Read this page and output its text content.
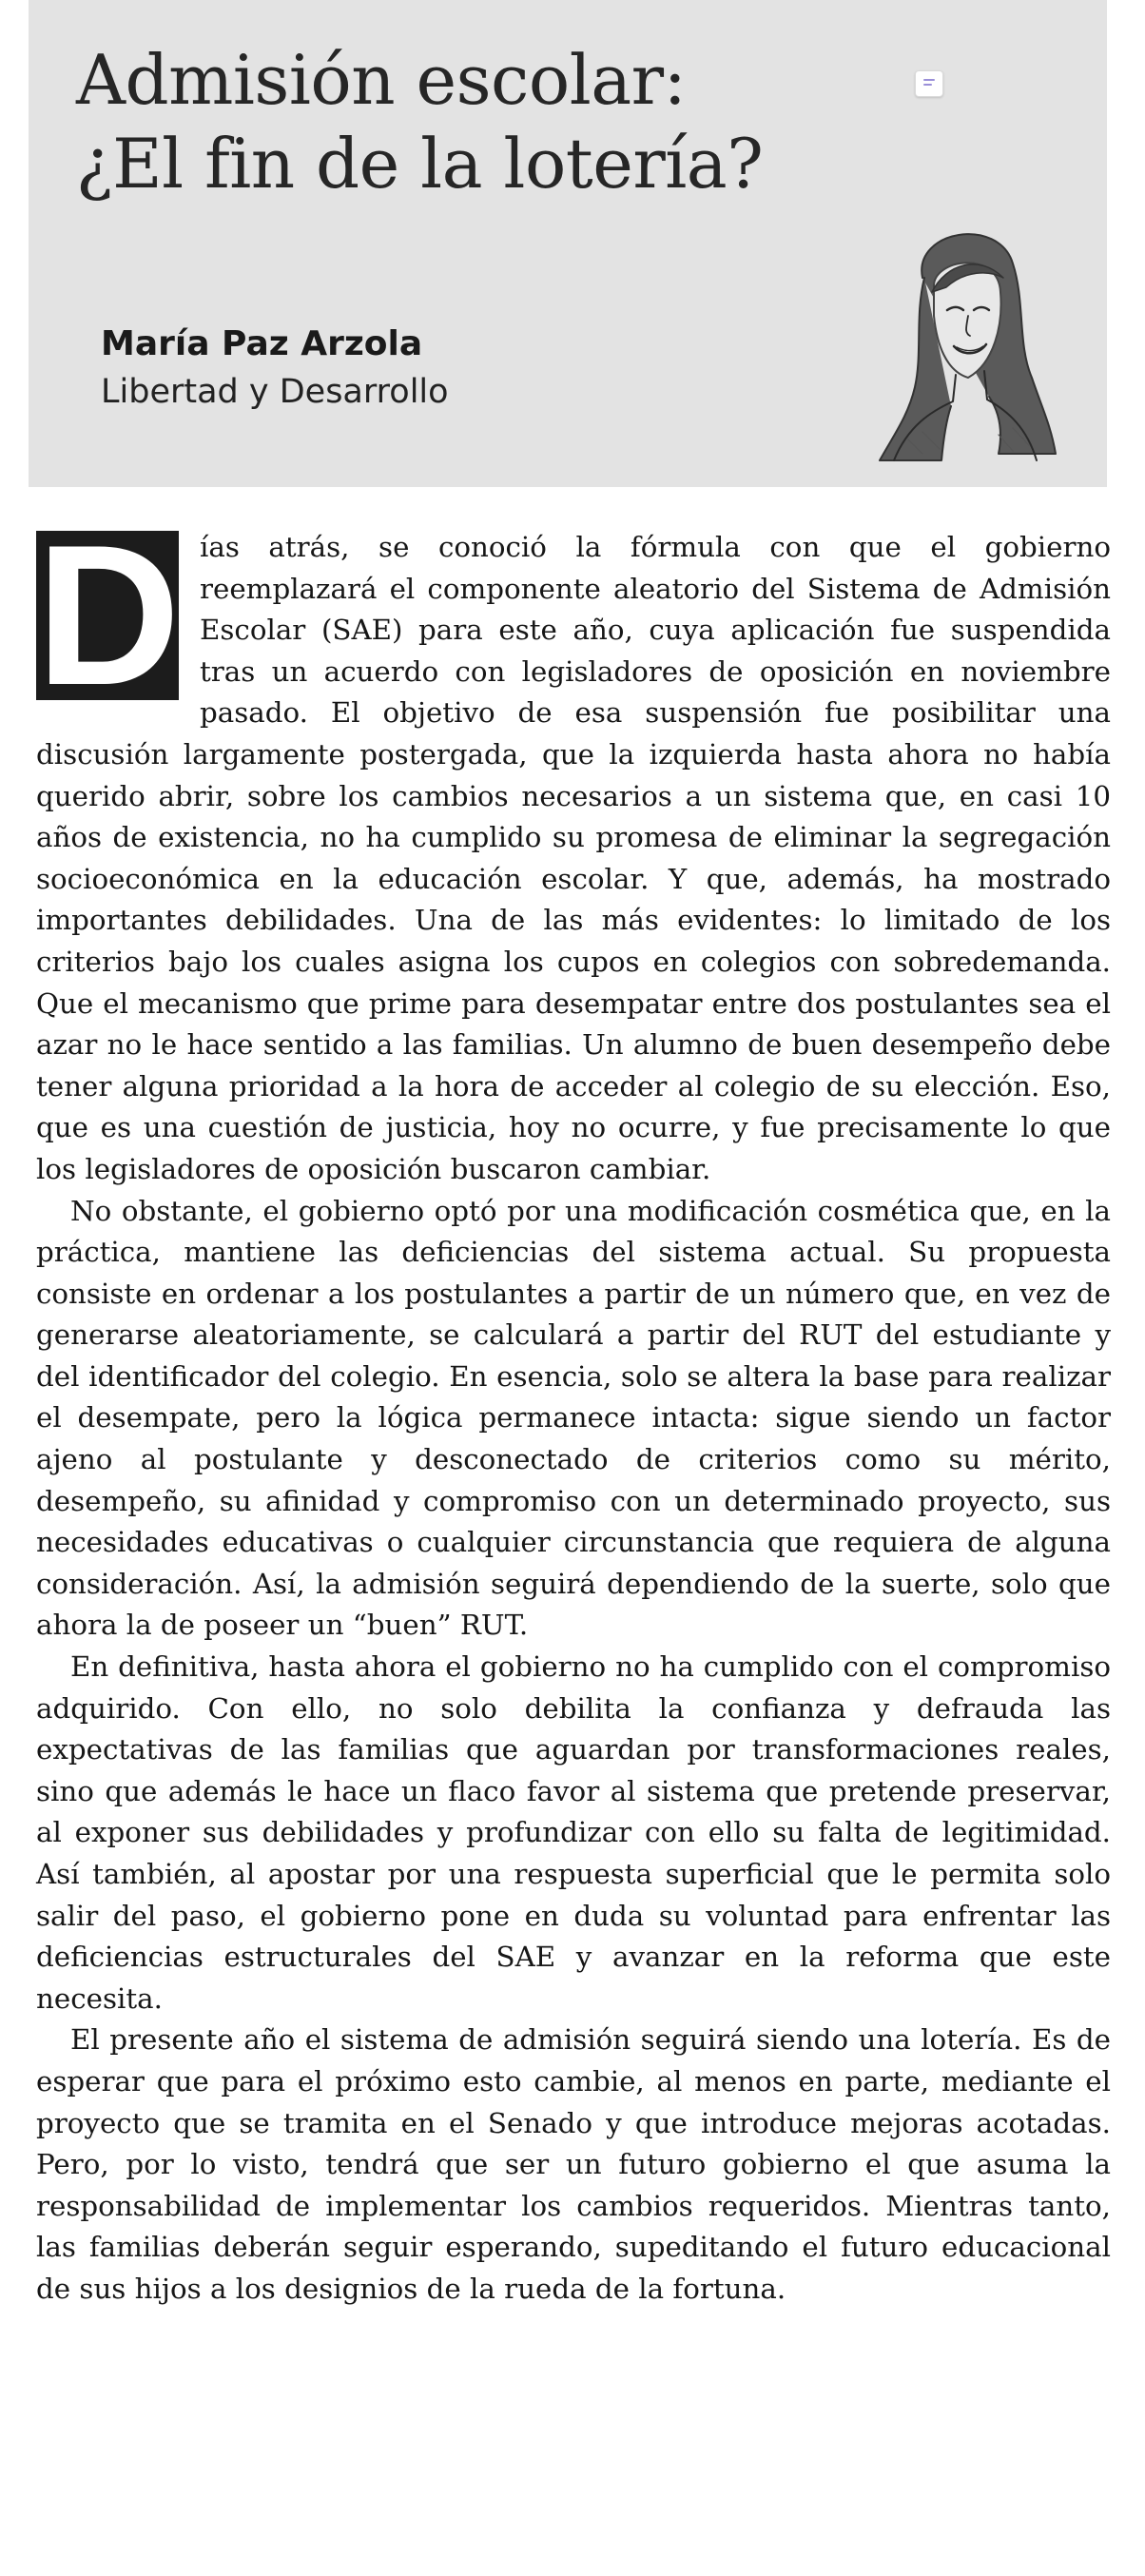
Admisión escolar:
¿El fin de la lotería?
María Paz Arzola
Libertad y Desarrollo

D ías atrás, se conoció la fórmula con que el gobierno reemplazará el componente aleatorio del Sistema de Admisión Escolar (SAE) para este año, cuya aplicación fue suspendida tras un acuerdo con legisladores de oposición en noviembre pasado. El objetivo de esa suspensión fue posibilitar una discusión largamente postergada, que la izquierda hasta ahora no había querido abrir, sobre los cambios necesarios a un sistema que, en casi 10 años de existencia, no ha cumplido su promesa de eliminar la segregación socioeconómica en la educación escolar. Y que, además, ha mostrado importantes debilidades. Una de las más evidentes: lo limitado de los criterios bajo los cuales asigna los cupos en colegios con sobredemanda. Que el mecanismo que prime para desempatar entre dos postulantes sea el azar no le hace sentido a las familias. Un alumno de buen desempeño debe tener alguna prioridad a la hora de acceder al colegio de su elección. Eso, que es una cuestión de justicia, hoy no ocurre, y fue precisamente lo que los legisladores de oposición buscaron cambiar.

No obstante, el gobierno optó por una modificación cosmética que, en la práctica, mantiene las deficiencias del sistema actual. Su propuesta consiste en ordenar a los postulantes a partir de un número que, en vez de generarse aleatoriamente, se calculará a partir del RUT del estudiante y del identificador del colegio. En esencia, solo se altera la base para realizar el desempate, pero la lógica permanece intacta: sigue siendo un factor ajeno al postulante y desconectado de criterios como su mérito, desempeño, su afinidad y compromiso con un determinado proyecto, sus necesidades educativas o cualquier circunstancia que requiera de alguna consideración. Así, la admisión seguirá dependiendo de la suerte, solo que ahora la de poseer un “buen” RUT.

En definitiva, hasta ahora el gobierno no ha cumplido con el compromiso adquirido. Con ello, no solo debilita la confianza y defrauda las expectativas de las familias que aguardan por transformaciones reales, sino que además le hace un flaco favor al sistema que pretende preservar, al exponer sus debilidades y profundizar con ello su falta de legitimidad. Así también, al apostar por una respuesta superficial que le permita solo salir del paso, el gobierno pone en duda su voluntad para enfrentar las deficiencias estructurales del SAE y avanzar en la reforma que este necesita.

El presente año el sistema de admisión seguirá siendo una lotería. Es de esperar que para el próximo esto cambie, al menos en parte, mediante el proyecto que se tramita en el Senado y que introduce mejoras acotadas. Pero, por lo visto, tendrá que ser un futuro gobierno el que asuma la responsabilidad de implementar los cambios requeridos. Mientras tanto, las familias deberán seguir esperando, supeditando el futuro educacional de sus hijos a los designios de la rueda de la fortuna.
